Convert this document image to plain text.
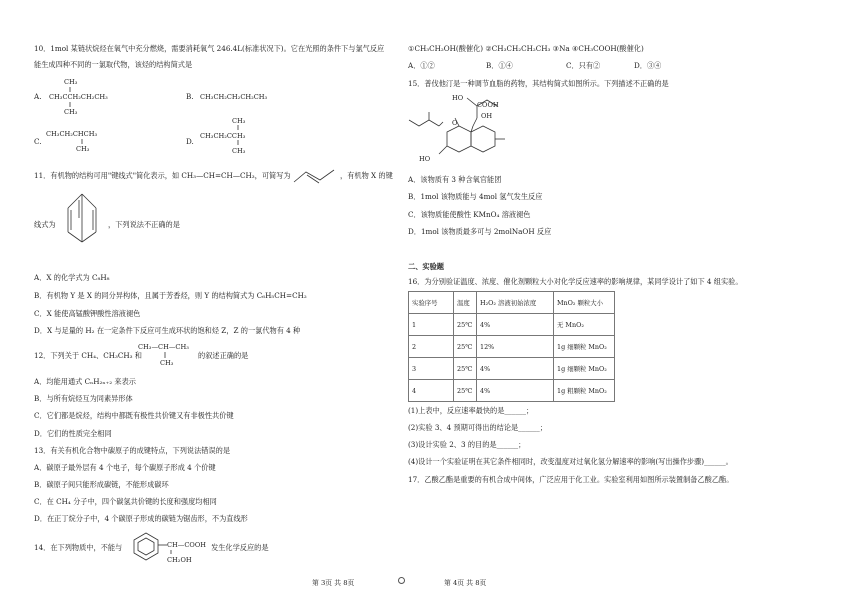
10．1mol 某链状烷烃在氧气中充分燃烧，需要消耗氧气 246.4L(标准状况下)。它在光照的条件下与氯气反应
能生成四种不同的一氯取代物，该烃的结构简式是
A.
CH₃
CH₃CCH₂CH₂CH₃
CH₃
B. CH₃CH₂CH₂CH₂CH₃
C.
CH₃CH₂CHCH₃
CH₃
D.
CH₃
CH₃CH₂CCH₃
CH₃
11．有机物的结构可用"键线式"简化表示，如 CH₃—CH=CH—CH₃，可简写为	，有机物 X 的键
线式为	，下列说法不正确的是
A．X 的化学式为 C₈H₈
B．有机物 Y 是 X 的同分异构体，且属于芳香烃，则 Y 的结构简式为 C₆H₅CH=CH₂
C．X 能使高锰酸钾酸性溶液褪色
D．X 与足量的 H₂ 在一定条件下反应可生成环状的饱和烃 Z，Z 的一氯代物有 4 种
12．下列关于 CH₄、CH₃CH₃ 和
CH₃—CH—CH₃
CH₃
的叙述正确的是
A．均能用通式 CₙH₂ₙ₊₂ 来表示
B．与所有烷烃互为同素异形体
C．它们都是烷烃，结构中都既有极性共价键又有非极性共价键
D．它们的性质完全相同
13．有关有机化合物中碳原子的成键特点，下列说法错误的是
A．碳原子最外层有 4 个电子，每个碳原子形成 4 个价键
B．碳原子间只能形成碳链，不能形成碳环
C．在 CH₄ 分子中，四个碳氢共价键的长度和强度均相同
D．在正丁烷分子中，4 个碳原子形成的碳链为锯齿形，不为直线形
14．在下列物质中，不能与	CH—COOH
CH₂OH
发生化学反应的是
第 3页 共 8页
①CH₃CH₂OH(酸催化) ②CH₃CH₂CH₂CH₃ ③Na ④CH₃COOH(酸催化)
A．①②	B．①④	C．只有②	D．③④
15．普伐他汀是一种调节血脂的药物，其结构简式如图所示。下列描述不正确的是
HO
COOH
OH
O
HO
A．该物质有 3 种含氧官能团
B．1mol 该物质能与 4mol 氢气发生反应
C．该物质能使酸性 KMnO₄ 溶液褪色
D．1mol 该物质最多可与 2molNaOH 反应
二、实验题
16．为分别验证温度、浓度、催化剂颗粒大小对化学反应速率的影响规律，某同学设计了如下 4 组实验。
实验序号	温度	H₂O₂ 溶液初始浓度	MnO₂ 颗粒大小
1	25℃	4%	无 MnO₂
2	25℃	12%	1g 细颗粒 MnO₂
3	25℃	4%	1g 细颗粒 MnO₂
4	25℃	4%	1g 粗颗粒 MnO₂
(1)上表中，反应速率最快的是______；
(2)实验 3、4 预期可得出的结论是______；
(3)设计实验 2、3 的目的是______；
(4)设计一个实验证明在其它条件相同时，改变温度对过氧化氢分解速率的影响(写出操作步骤)______。
17．乙酸乙酯是重要的有机合成中间体，广泛应用于化工业。实验室利用如图所示装置制备乙酸乙酯。
第 4页 共 8页
